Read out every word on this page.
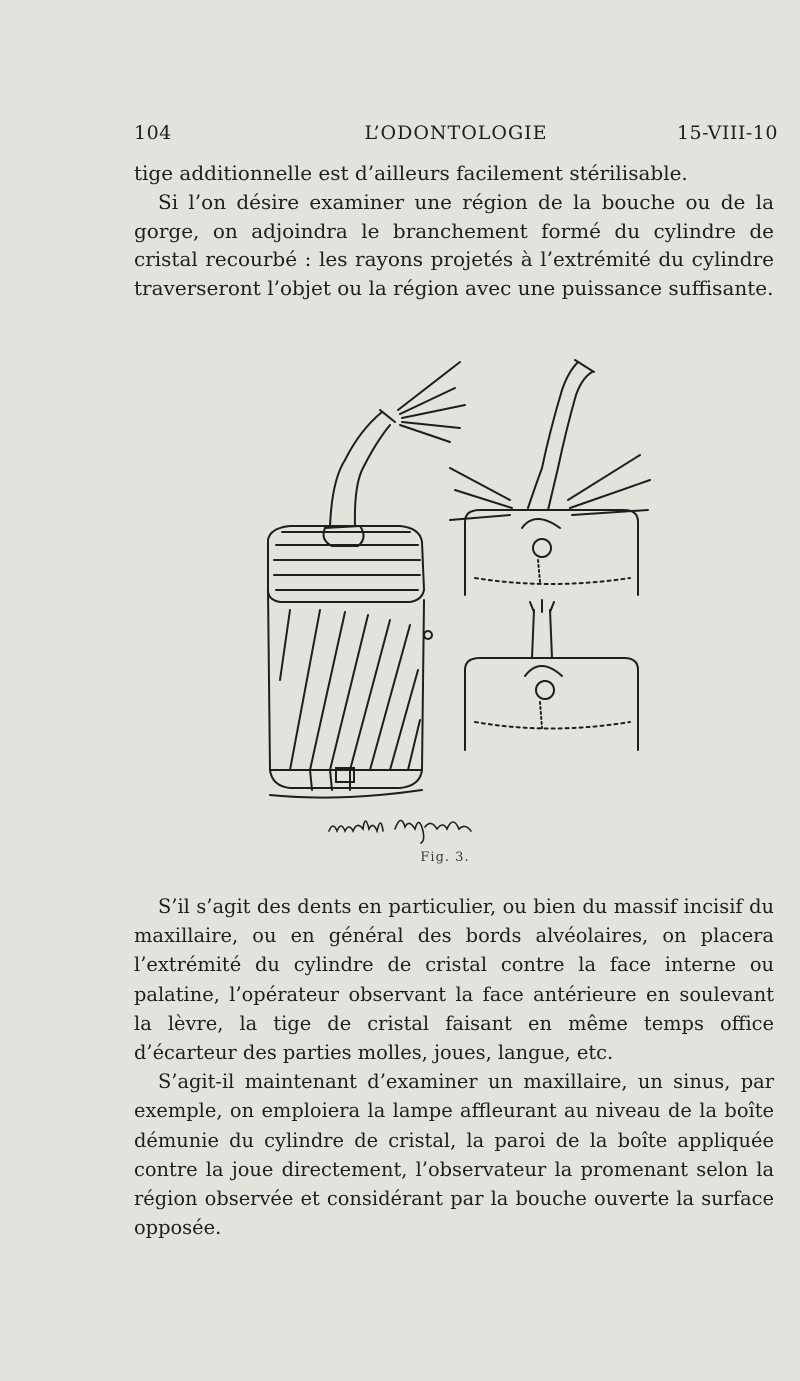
104	L’ODONTOLOGIE	15-VIII-10

tige additionnelle est d’ailleurs facilement stérilisable.

Si l’on désire examiner une région de la bouche ou de la gorge, on adjoindra le branchement formé du cylindre de cristal recourbé : les rayons projetés à l’extrémité du cylindre traverseront l’objet ou la région avec une puissance suffisante.

Fig. 3.

S’il s’agit des dents en particulier, ou bien du massif incisif du maxillaire, ou en général des bords alvéolaires, on placera l’extrémité du cylindre de cristal contre la face interne ou palatine, l’opérateur observant la face antérieure en soulevant la lèvre, la tige de cristal faisant en même temps office d’écarteur des parties molles, joues, langue, etc.

S’agit-il maintenant d’examiner un maxillaire, un sinus, par exemple, on emploiera la lampe affleurant au niveau de la boîte démunie du cylindre de cristal, la paroi de la boîte appliquée contre la joue directement, l’observateur la promenant selon la région observée et considérant par la bouche ouverte la surface opposée.
